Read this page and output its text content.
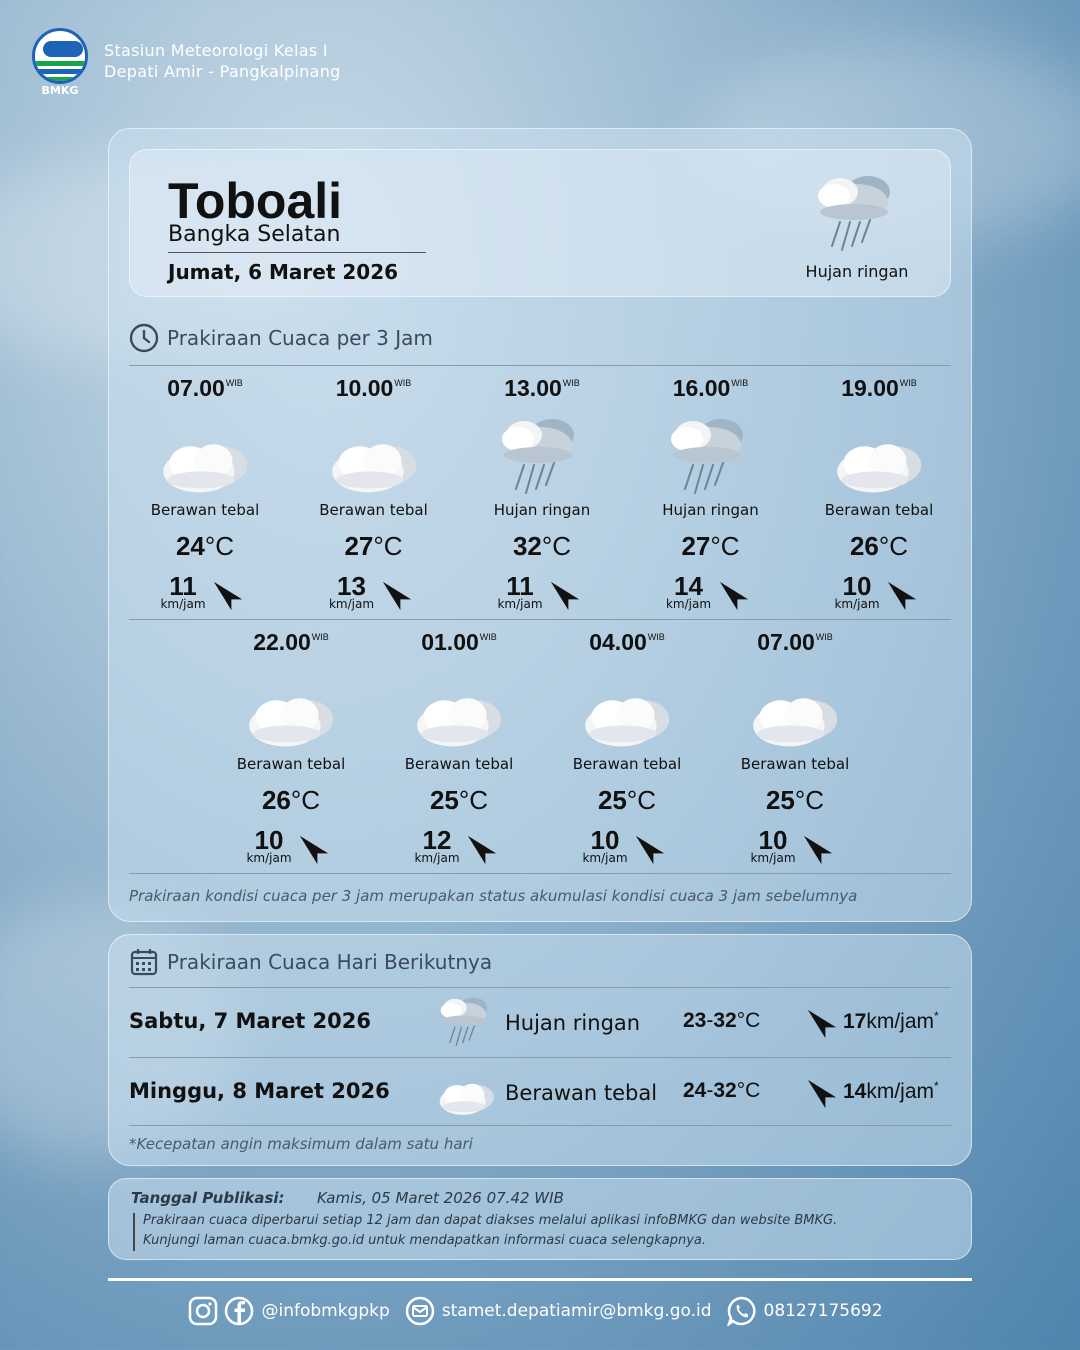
BMKG
Stasiun Meteorologi Kelas I
Depati Amir - Pangkalpinang
Toboali
Bangka Selatan
Jumat, 6 Maret 2026	Hujan ringan
Prakiraan Cuaca per 3 Jam
$07.00^{WIB}$
Berawan tebal
24°C
11
km/jam
$10.00^{WIB}$
Berawan tebal
27°C
13
km/jam
$13.00^{WIB}$
Hujan ringan
32°C
11
km/jam
$16.00^{WIB}$
Hujan ringan
27°C
14
km/jam
$19.00^{WIB}$
Berawan tebal
26°C
10
km/jam
$22.00^{WIB}$
Berawan tebal
26°C
10
km/jam
$01.00^{WIB}$
Berawan tebal
25°C
12
km/jam
$04.00^{WIB}$
Berawan tebal
25°C
10
km/jam
$07.00^{WIB}$
Berawan tebal
25°C
10
km/jam
Prakiraan kondisi cuaca per 3 jam merupakan status akumulasi kondisi cuaca 3 jam sebelumnya
Prakiraan Cuaca Hari Berikutnya
Sabtu, 7 Maret 2026	Hujan ringan 23-32°C	17km/jam*
Minggu, 8 Maret 2026	Berawan tebal 24-32°C	14km/jam*
*Kecepatan angin maksimum dalam satu hari
Tanggal Publikasi: Kamis, 05 Maret 2026 07.42 WIB
Prakiraan cuaca diperbarui setiap 12 jam dan dapat diakses melalui aplikasi infoBMKG dan website BMKG.
Kunjungi laman cuaca.bmkg.go.id untuk mendapatkan informasi cuaca selengkapnya.
@infobmkgpkp	stamet.depatiamir@bmkg.go.id	08127175692
